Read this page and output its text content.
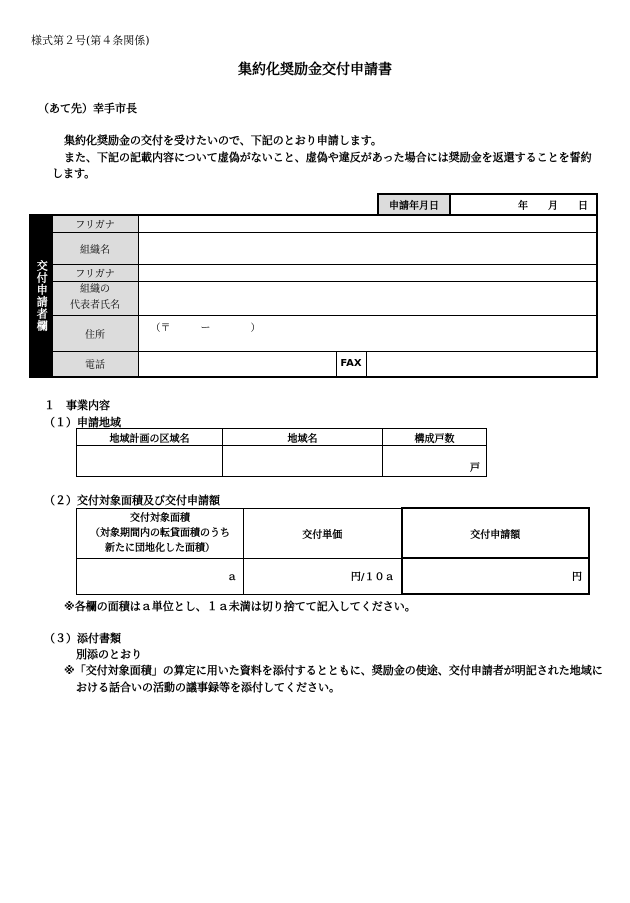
様式第２号(第４条関係)
集約化奨励金交付申請書
（あて先）幸手市長
集約化奨励金の交付を受けたいので、下記のとおり申請します。
また、下記の記載内容について虚偽がないこと、虚偽や違反があった場合には奨励金を返還することを誓約
します。
申請年月日	年　　月　　日
交付申請者欄	フリガナ			
	組織名			
	フリガナ			

	組織の
代表者氏名			

	住所	（〒　　　ー　　　　）		
	電話		FAX	
１　事業内容
（１）申請地域
地域計画の区域名	地域名	構成戸数
		戸
（２）交付対象面積及び交付申請額
交付対象面積
（対象期間内の転貸面積のうち
新たに団地化した面積）	交付単価	交付申請額
ａ	円/１０ａ	円
※各欄の面積はａ単位とし、１ａ未満は切り捨てて記入してください。
（３）添付書類
別添のとおり
※「交付対象面積」の算定に用いた資料を添付するとともに、奨励金の使途、交付申請者が明記された地域に
おける話合いの活動の議事録等を添付してください。
